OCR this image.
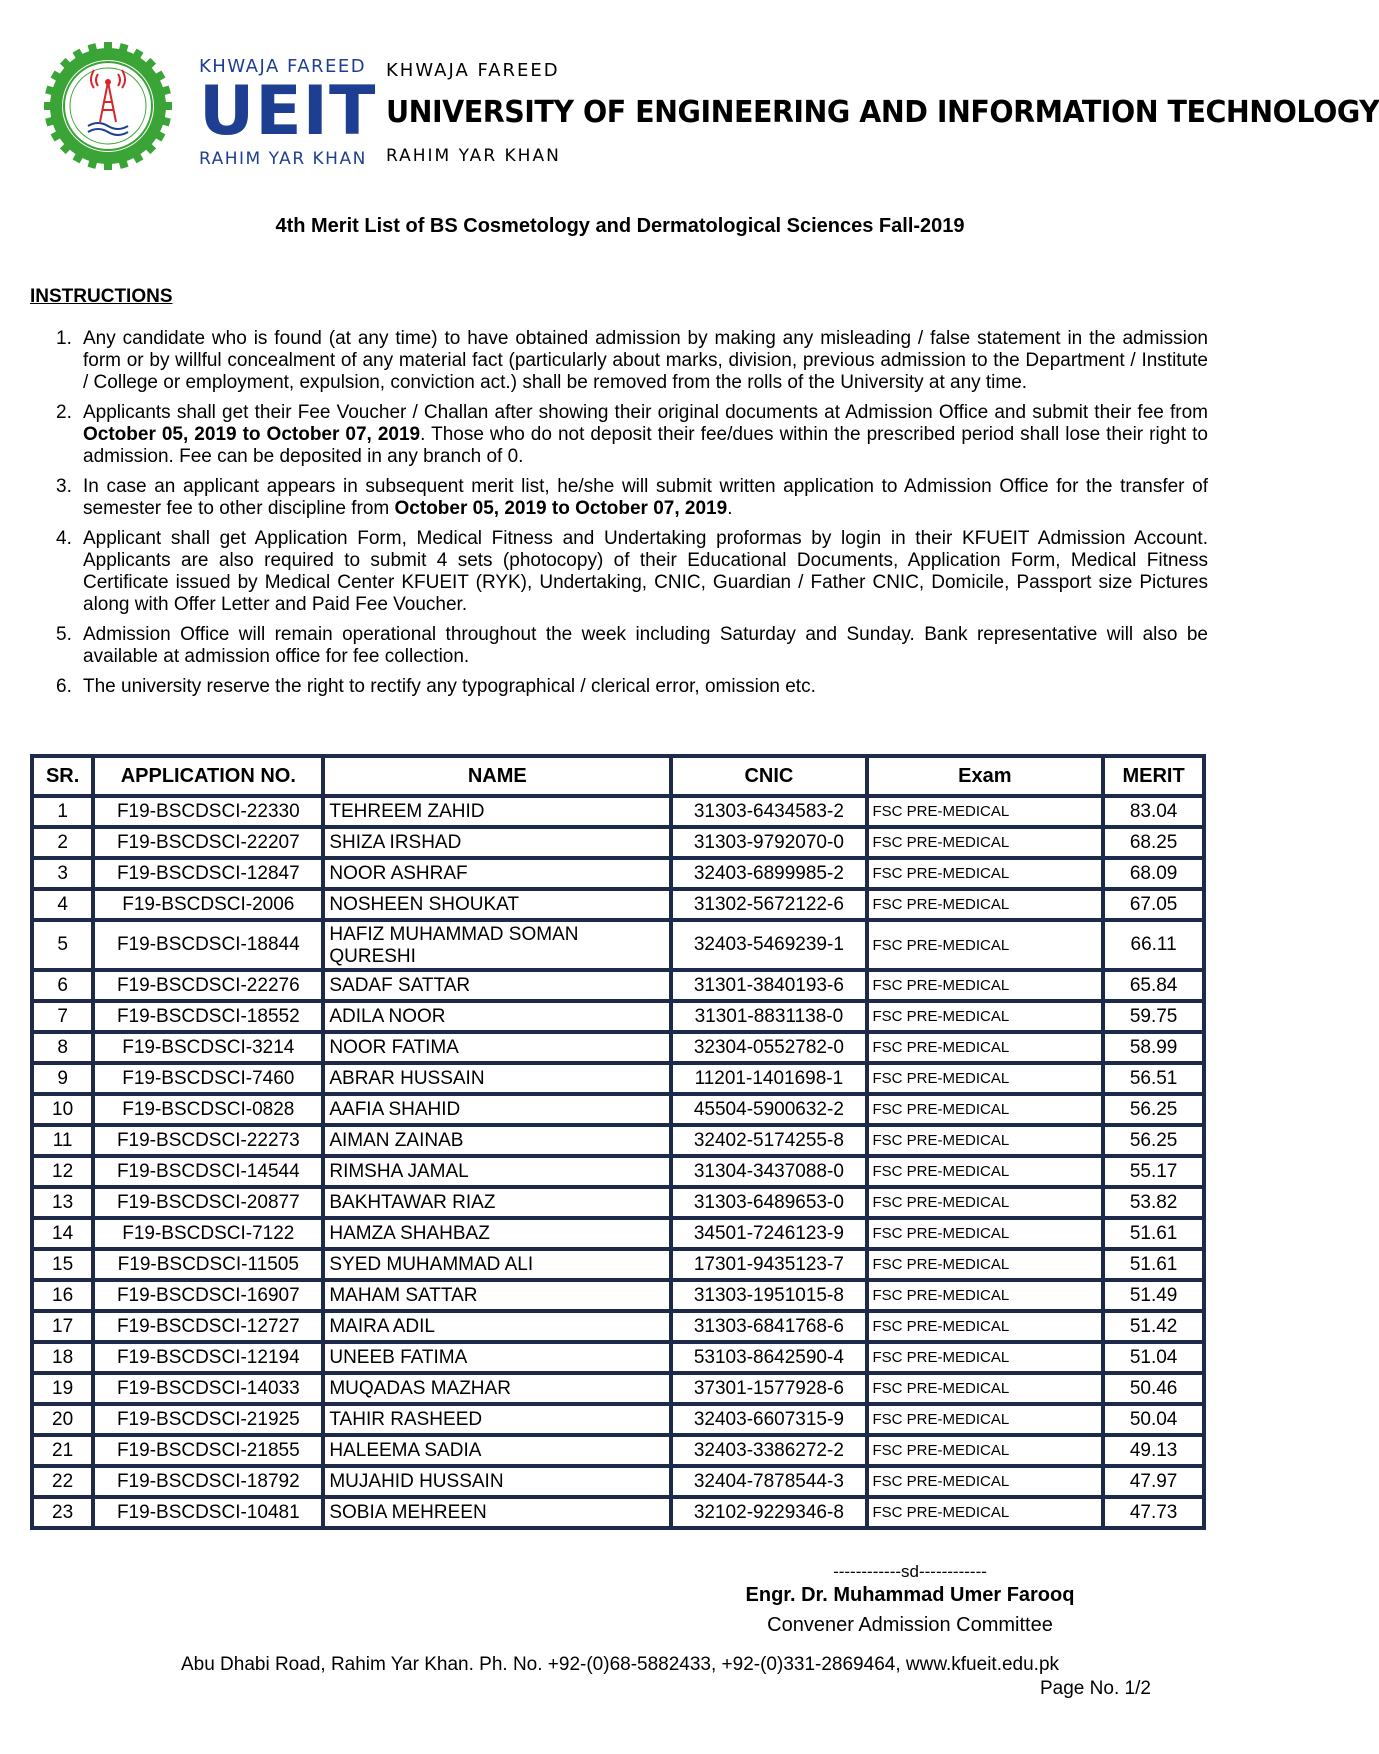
KHWAJA FAREED
UEIT
RAHIM YAR KHAN
KHWAJA FAREED
UNIVERSITY OF ENGINEERING AND INFORMATION TECHNOLOGY
RAHIM YAR KHAN
4th Merit List of BS Cosmetology and Dermatological Sciences Fall-2019
INSTRUCTIONS
1. Any candidate who is found (at any time) to have obtained admission by making any misleading / false statement in the admission form or by willful concealment of any material fact (particularly about marks, division, previous admission to the Department / Institute / College or employment, expulsion, conviction act.) shall be removed from the rolls of the University at any time.
2. Applicants shall get their Fee Voucher / Challan after showing their original documents at Admission Office and submit their fee from October 05, 2019 to October 07, 2019. Those who do not deposit their fee/dues within the prescribed period shall lose their right to admission. Fee can be deposited in any branch of 0.
3. In case an applicant appears in subsequent merit list, he/she will submit written application to Admission Office for the transfer of semester fee to other discipline from October 05, 2019 to October 07, 2019.
4. Applicant shall get Application Form, Medical Fitness and Undertaking proformas by login in their KFUEIT Admission Account. Applicants are also required to submit 4 sets (photocopy) of their Educational Documents, Application Form, Medical Fitness Certificate issued by Medical Center KFUEIT (RYK), Undertaking, CNIC, Guardian / Father CNIC, Domicile, Passport size Pictures along with Offer Letter and Paid Fee Voucher.
5. Admission Office will remain operational throughout the week including Saturday and Sunday. Bank representative will also be available at admission office for fee collection.
6. The university reserve the right to rectify any typographical / clerical error, omission etc.
SR.	APPLICATION NO.	NAME	CNIC	Exam	MERIT
1	F19-BSCDSCI-22330	TEHREEM ZAHID	31303-6434583-2	FSC PRE-MEDICAL	83.04
2	F19-BSCDSCI-22207	SHIZA IRSHAD	31303-9792070-0	FSC PRE-MEDICAL	68.25
3	F19-BSCDSCI-12847	NOOR ASHRAF	32403-6899985-2	FSC PRE-MEDICAL	68.09
4	F19-BSCDSCI-2006	NOSHEEN SHOUKAT	31302-5672122-6	FSC PRE-MEDICAL	67.05
5	F19-BSCDSCI-18844	HAFIZ MUHAMMAD SOMAN QURESHI	32403-5469239-1	FSC PRE-MEDICAL	66.11
6	F19-BSCDSCI-22276	SADAF SATTAR	31301-3840193-6	FSC PRE-MEDICAL	65.84
7	F19-BSCDSCI-18552	ADILA NOOR	31301-8831138-0	FSC PRE-MEDICAL	59.75
8	F19-BSCDSCI-3214	NOOR FATIMA	32304-0552782-0	FSC PRE-MEDICAL	58.99
9	F19-BSCDSCI-7460	ABRAR HUSSAIN	11201-1401698-1	FSC PRE-MEDICAL	56.51
10	F19-BSCDSCI-0828	AAFIA SHAHID	45504-5900632-2	FSC PRE-MEDICAL	56.25
11	F19-BSCDSCI-22273	AIMAN ZAINAB	32402-5174255-8	FSC PRE-MEDICAL	56.25
12	F19-BSCDSCI-14544	RIMSHA JAMAL	31304-3437088-0	FSC PRE-MEDICAL	55.17
13	F19-BSCDSCI-20877	BAKHTAWAR RIAZ	31303-6489653-0	FSC PRE-MEDICAL	53.82
14	F19-BSCDSCI-7122	HAMZA SHAHBAZ	34501-7246123-9	FSC PRE-MEDICAL	51.61
15	F19-BSCDSCI-11505	SYED MUHAMMAD ALI	17301-9435123-7	FSC PRE-MEDICAL	51.61
16	F19-BSCDSCI-16907	MAHAM SATTAR	31303-1951015-8	FSC PRE-MEDICAL	51.49
17	F19-BSCDSCI-12727	MAIRA ADIL	31303-6841768-6	FSC PRE-MEDICAL	51.42
18	F19-BSCDSCI-12194	UNEEB FATIMA	53103-8642590-4	FSC PRE-MEDICAL	51.04
19	F19-BSCDSCI-14033	MUQADAS MAZHAR	37301-1577928-6	FSC PRE-MEDICAL	50.46
20	F19-BSCDSCI-21925	TAHIR RASHEED	32403-6607315-9	FSC PRE-MEDICAL	50.04
21	F19-BSCDSCI-21855	HALEEMA SADIA	32403-3386272-2	FSC PRE-MEDICAL	49.13
22	F19-BSCDSCI-18792	MUJAHID HUSSAIN	32404-7878544-3	FSC PRE-MEDICAL	47.97
23	F19-BSCDSCI-10481	SOBIA MEHREEN	32102-9229346-8	FSC PRE-MEDICAL	47.73
------------sd------------
Engr. Dr. Muhammad Umer Farooq
Convener Admission Committee
Abu Dhabi Road, Rahim Yar Khan. Ph. No. +92-(0)68-5882433, +92-(0)331-2869464, www.kfueit.edu.pk
Page No. 1/2
